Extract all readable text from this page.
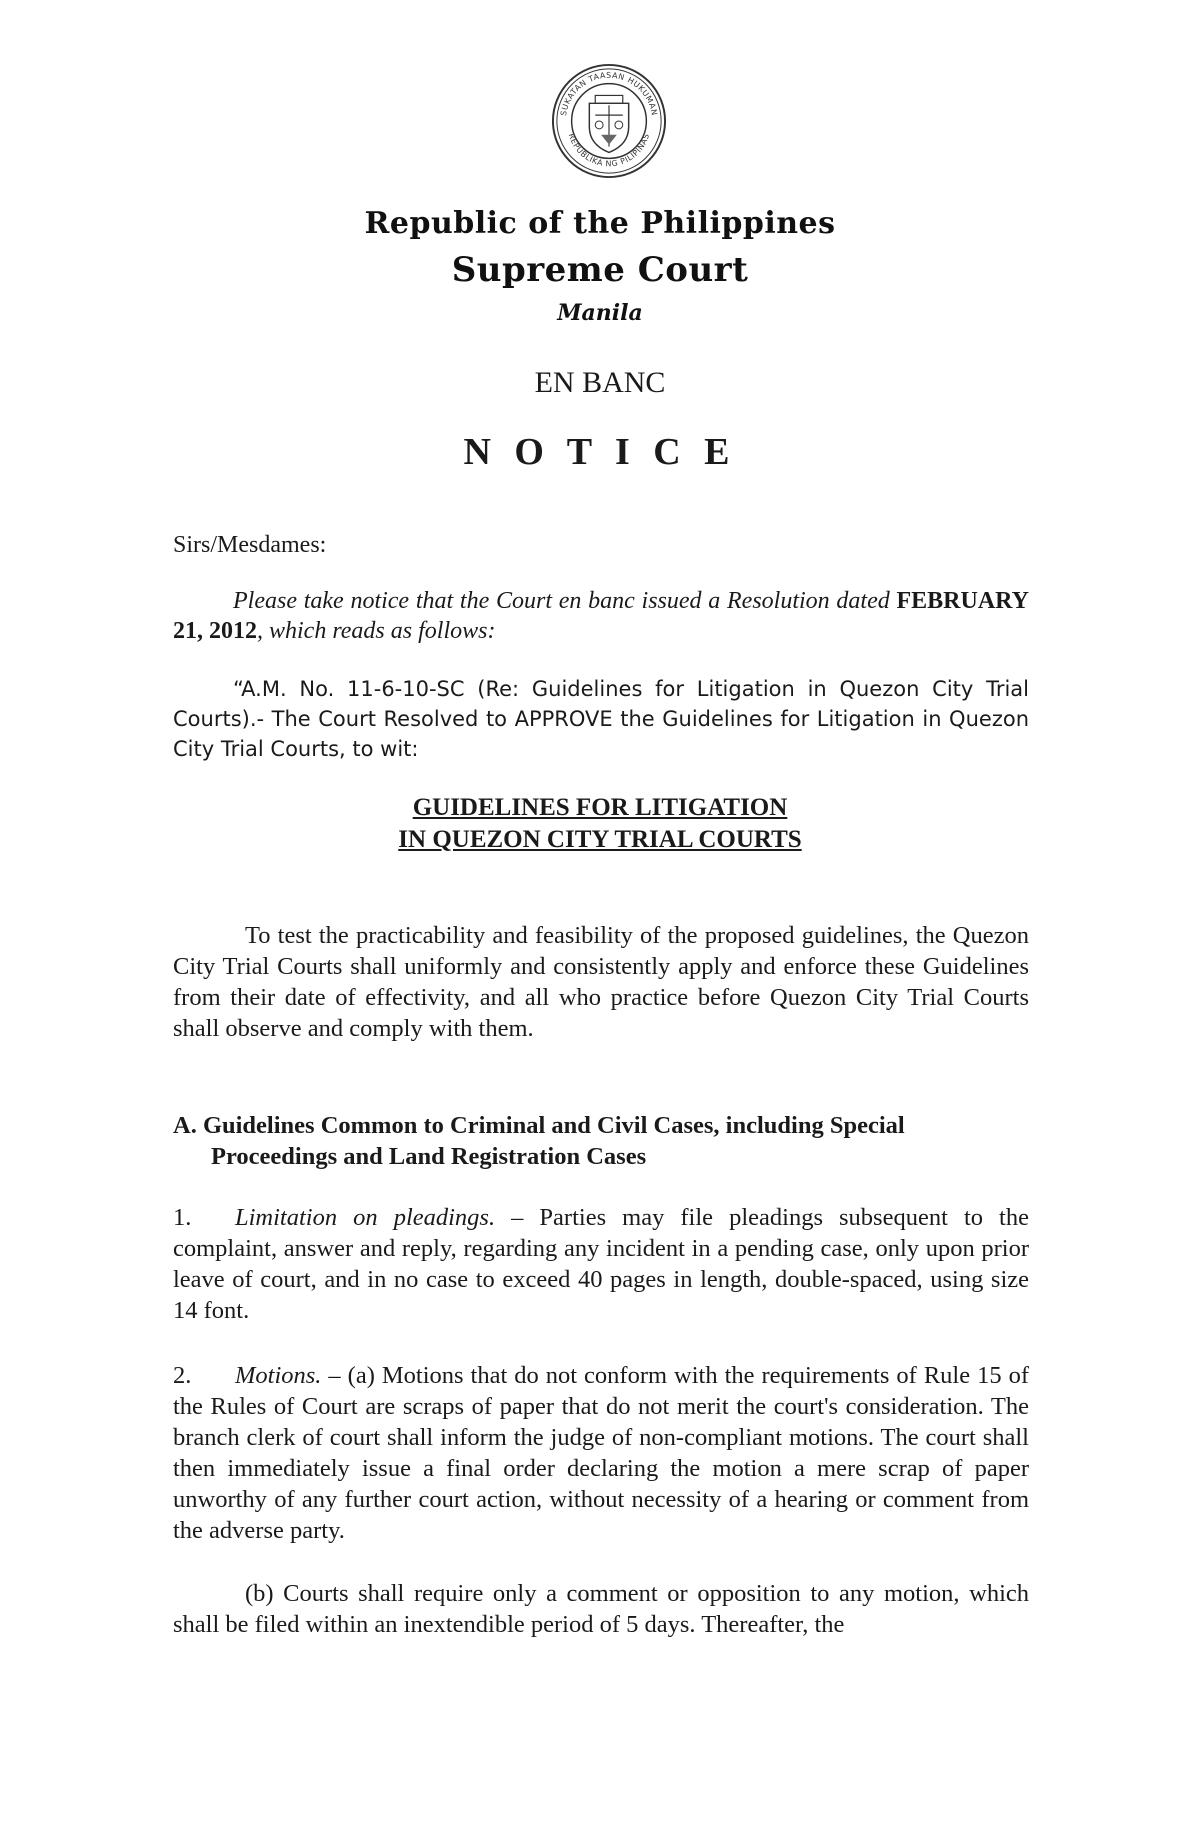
SUKATAN TAASAN HUKUMAN
REPUBLIKA NG PILIPINAS
Republic of the Philippines
Supreme Court
Manila
EN BANC
N O T I C E
Sirs/Mesdames:
Please take notice that the Court en banc issued a Resolution dated FEBRUARY 21, 2012, which reads as follows:
“A.M. No. 11-6-10-SC (Re: Guidelines for Litigation in Quezon City Trial Courts).- The Court Resolved to APPROVE the Guidelines for Litigation in Quezon City Trial Courts, to wit:
GUIDELINES FOR LITIGATION
IN QUEZON CITY TRIAL COURTS
To test the practicability and feasibility of the proposed guidelines, the Quezon City Trial Courts shall uniformly and consistently apply and enforce these Guidelines from their date of effectivity, and all who practice before Quezon City Trial Courts shall observe and comply with them.
A. Guidelines Common to Criminal and Civil Cases, including Special
Proceedings and Land Registration Cases
1. Limitation on pleadings. – Parties may file pleadings subsequent to the complaint, answer and reply, regarding any incident in a pending case, only upon prior leave of court, and in no case to exceed 40 pages in length, double-spaced, using size 14 font.
2. Motions. – (a) Motions that do not conform with the requirements of Rule 15 of the Rules of Court are scraps of paper that do not merit the court's consideration. The branch clerk of court shall inform the judge of non-compliant motions. The court shall then immediately issue a final order declaring the motion a mere scrap of paper unworthy of any further court action, without necessity of a hearing or comment from the adverse party.
(b) Courts shall require only a comment or opposition to any motion, which shall be filed within an inextendible period of 5 days. Thereafter, the
